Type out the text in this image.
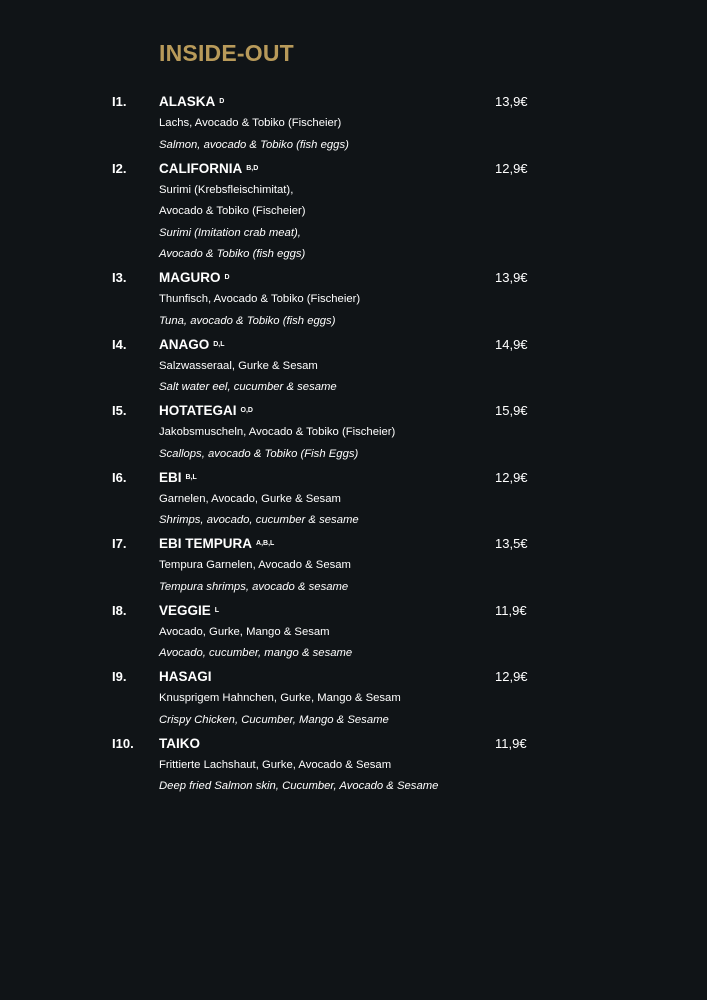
INSIDE-OUT
I1.	13,9€
ALASKA D
Lachs, Avocado & Tobiko (Fischeier)
Salmon, avocado & Tobiko (fish eggs)
I2.	12,9€
CALIFORNIA B,D
Surimi (Krebsfleischimitat),
Avocado & Tobiko (Fischeier)
Surimi (Imitation crab meat),
Avocado & Tobiko (fish eggs)
I3.	13,9€
MAGURO D
Thunfisch, Avocado & Tobiko (Fischeier)
Tuna, avocado & Tobiko (fish eggs)
I4.	14,9€
ANAGO D,L
Salzwasseraal, Gurke & Sesam
Salt water eel, cucumber & sesame
I5.	15,9€
HOTATEGAI O,D
Jakobsmuscheln, Avocado & Tobiko (Fischeier)
Scallops, avocado & Tobiko (Fish Eggs)
I6.	12,9€
EBI B,L
Garnelen, Avocado, Gurke & Sesam
Shrimps, avocado, cucumber & sesame
I7.	13,5€
EBI TEMPURA A,B,L
Tempura Garnelen, Avocado & Sesam
Tempura shrimps, avocado & sesame
I8.	11,9€
VEGGIE L
Avocado, Gurke, Mango & Sesam
Avocado, cucumber, mango & sesame
I9.	12,9€
HASAGI
Knusprigem Hahnchen, Gurke, Mango & Sesam
Crispy Chicken, Cucumber, Mango & Sesame
I10.	11,9€
TAIKO
Frittierte Lachshaut, Gurke, Avocado & Sesam
Deep fried Salmon skin, Cucumber, Avocado & Sesame
